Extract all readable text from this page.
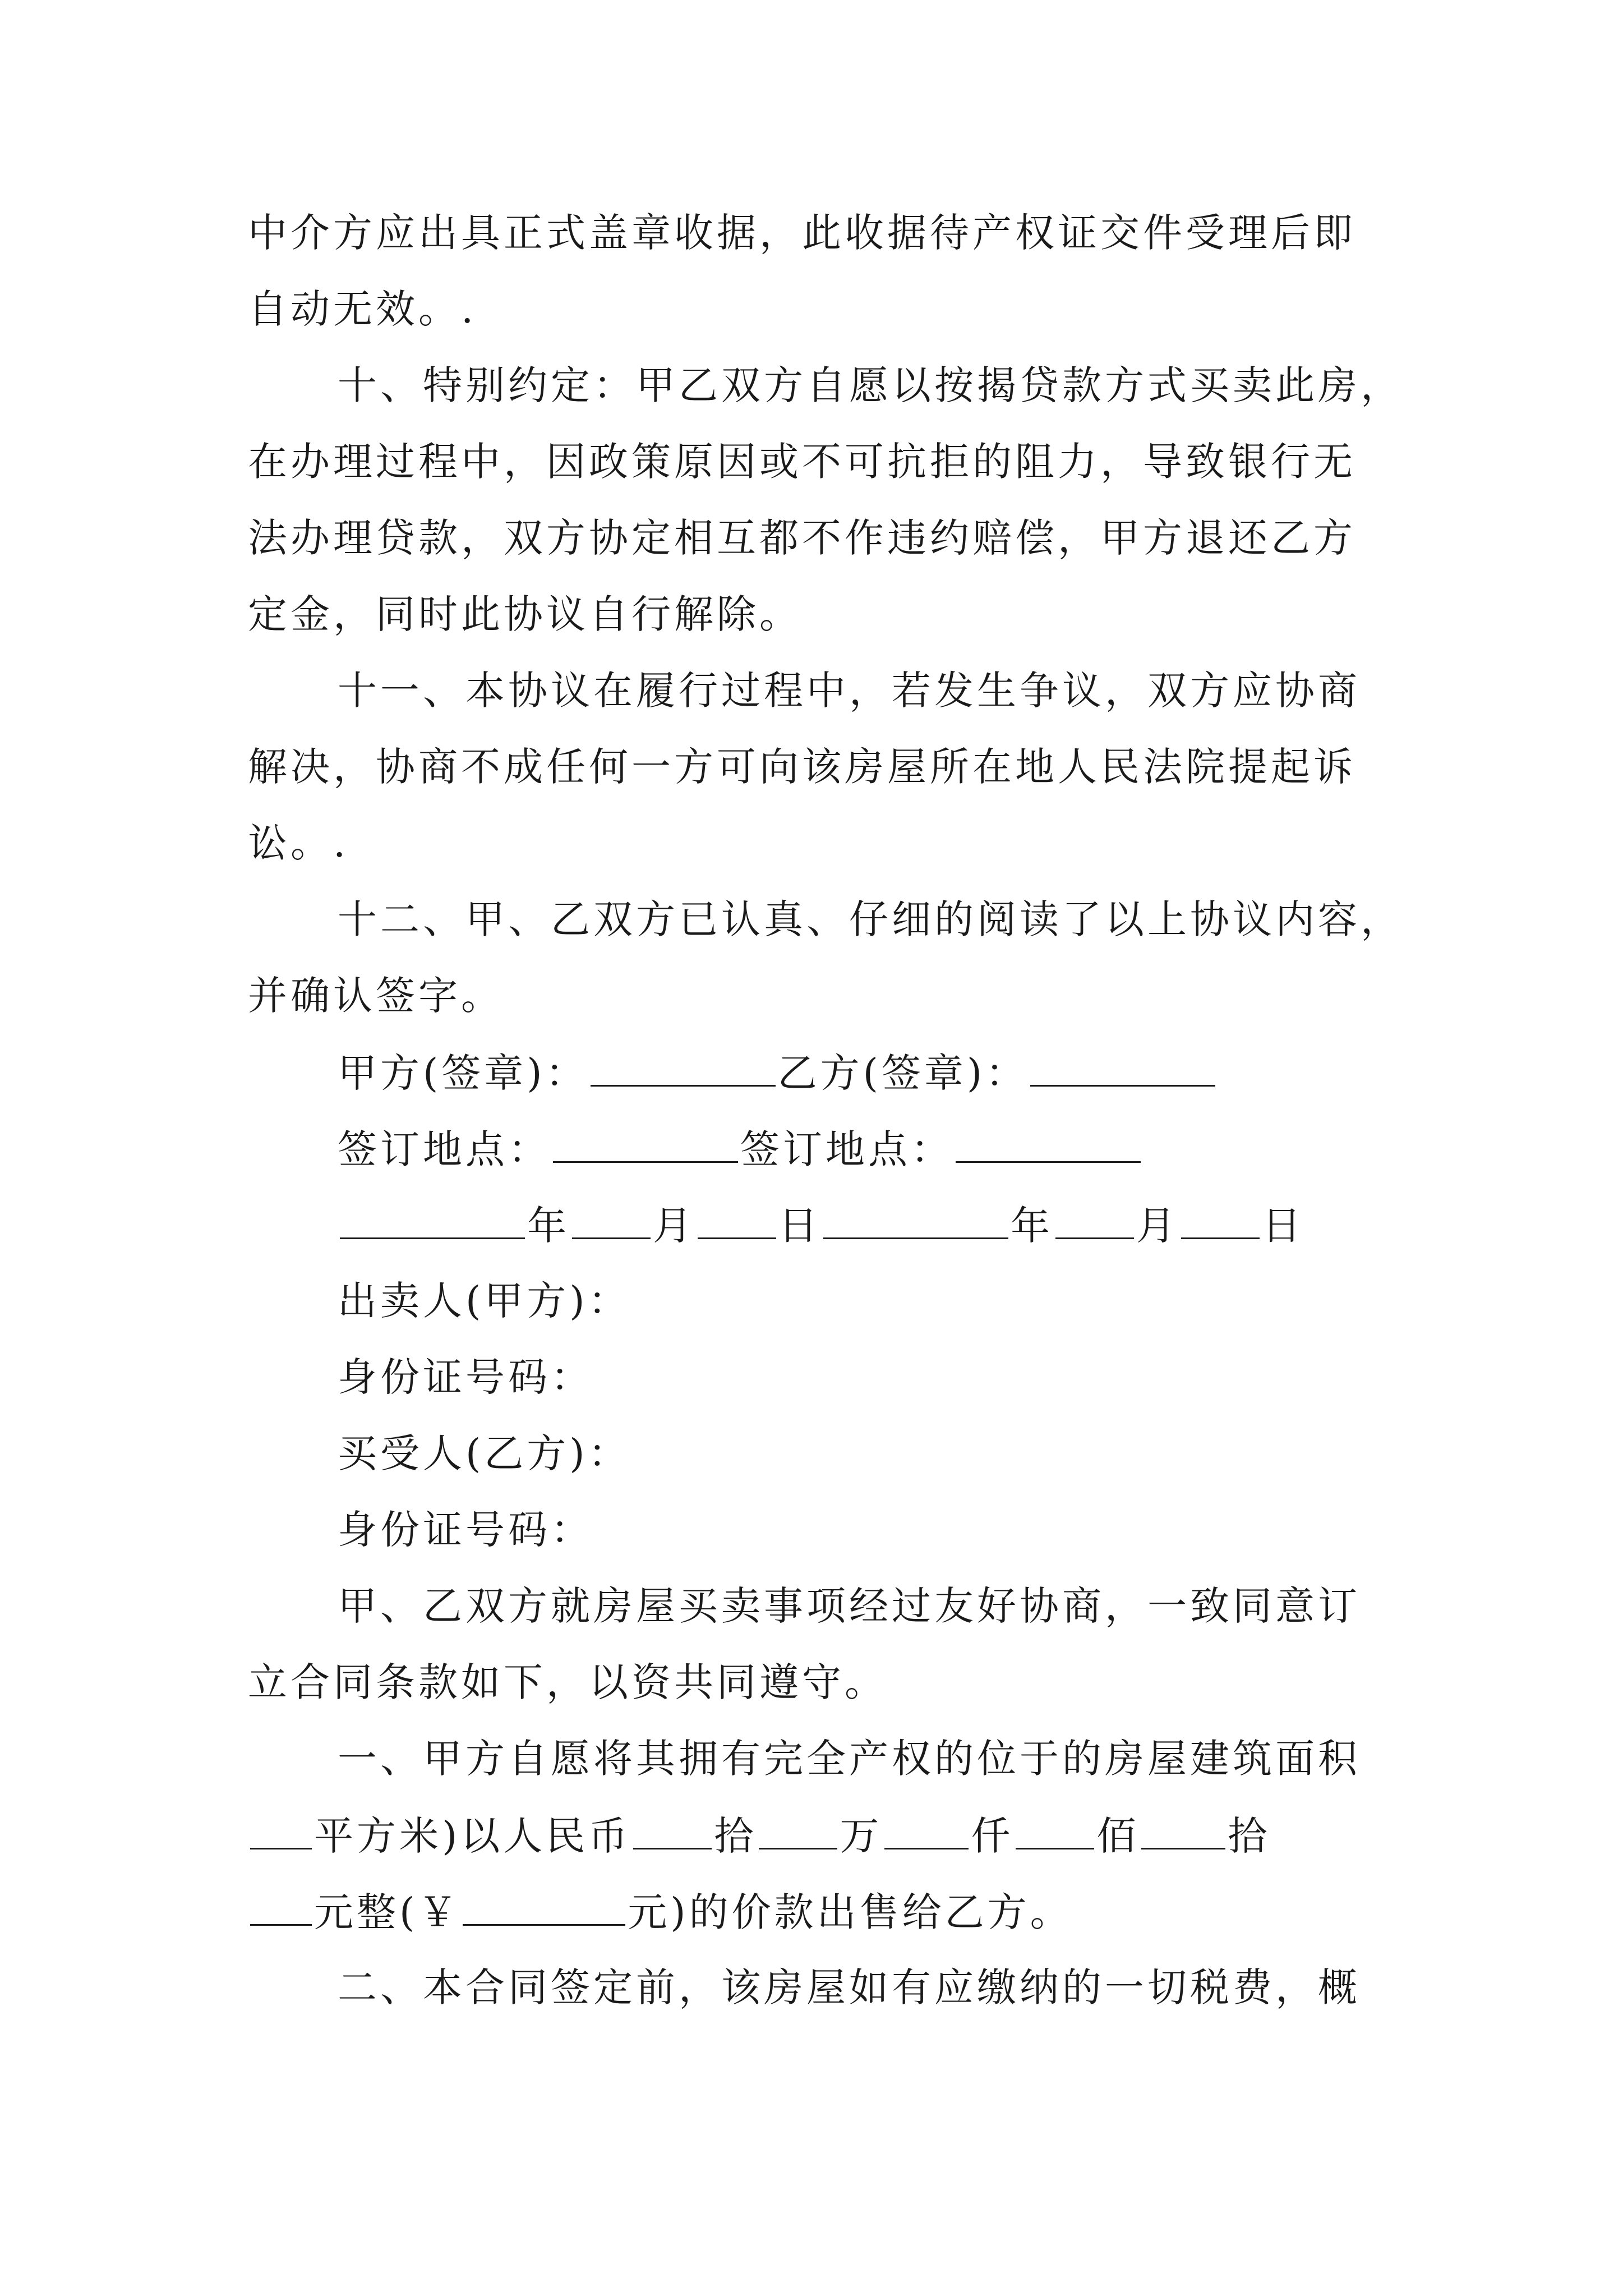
中介方应出具正式盖章收据，此收据待产权证交件受理后即
自动无效。.
十、特别约定：甲乙双方自愿以按揭贷款方式买卖此房，
在办理过程中，因政策原因或不可抗拒的阻力，导致银行无
法办理贷款，双方协定相互都不作违约赔偿，甲方退还乙方
定金，同时此协议自行解除。
十一、本协议在履行过程中，若发生争议，双方应协商
解决，协商不成任何一方可向该房屋所在地人民法院提起诉
讼。.
十二、甲、乙双方已认真、仔细的阅读了以上协议内容，
并确认签字。
甲方(签章)：	乙方(签章)：
签订地点：	签订地点：
年 月 日	年 月 日
出卖人(甲方)：
身份证号码：
买受人(乙方)：
身份证号码：
甲、乙双方就房屋买卖事项经过友好协商，一致同意订
立合同条款如下，以资共同遵守。
一、甲方自愿将其拥有完全产权的位于的房屋建筑面积
平方米)以人民币 拾 万 仟 佰 拾
元整(￥	元)的价款出售给乙方。
二、本合同签定前，该房屋如有应缴纳的一切税费，概
